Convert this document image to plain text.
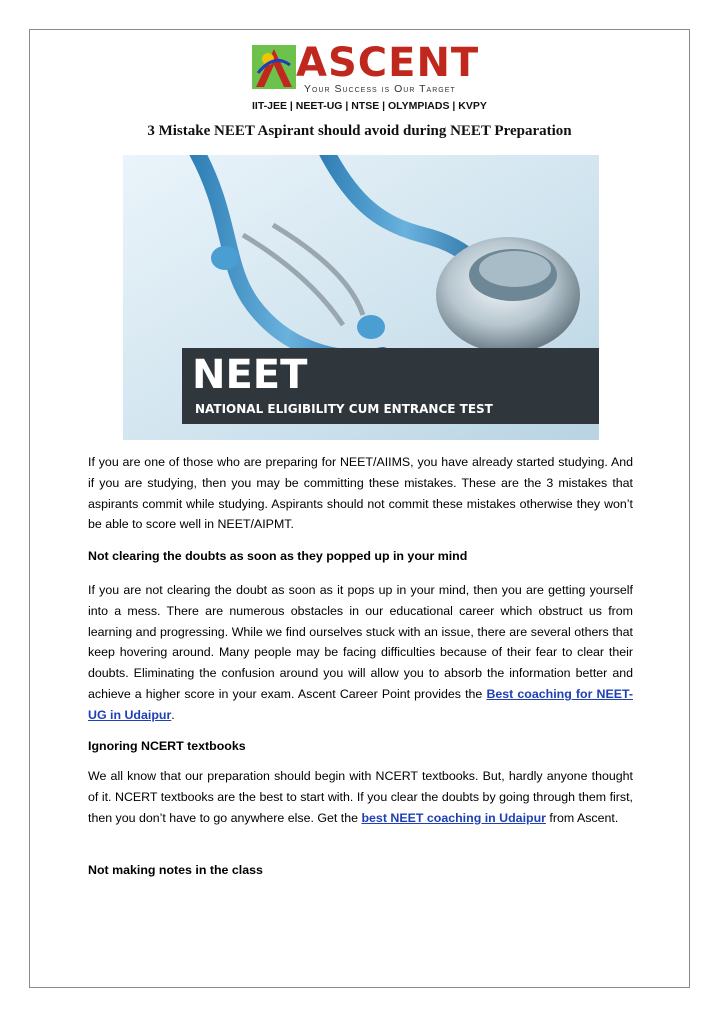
ASCENT
Your Success is Our Target
IIT-JEE | NEET-UG | NTSE | OLYMPIADS | KVPY
3 Mistake NEET Aspirant should avoid during NEET Preparation
NEET
NATIONAL ELIGIBILITY CUM ENTRANCE TEST

If you are one of those who are preparing for NEET/AIIMS, you have already started studying. And if you are studying, then you may be committing these mistakes. These are the 3 mistakes that aspirants commit while studying. Aspirants should not commit these mistakes otherwise they won’t be able to score well in NEET/AIPMT.

Not clearing the doubts as soon as they popped up in your mind

If you are not clearing the doubt as soon as it pops up in your mind, then you are getting yourself into a mess. There are numerous obstacles in our educational career which obstruct us from learning and progressing. While we find ourselves stuck with an issue, there are several others that keep hovering around. Many people may be facing difficulties because of their fear to clear their doubts. Eliminating the confusion around you will allow you to absorb the information better and achieve a higher score in your exam. Ascent Career Point provides the Best coaching for NEET-UG in Udaipur.

Ignoring NCERT textbooks

We all know that our preparation should begin with NCERT textbooks. But, hardly anyone thought of it. NCERT textbooks are the best to start with. If you clear the doubts by going through them first, then you don’t have to go anywhere else. Get the best NEET coaching in Udaipur from Ascent.

Not making notes in the class
